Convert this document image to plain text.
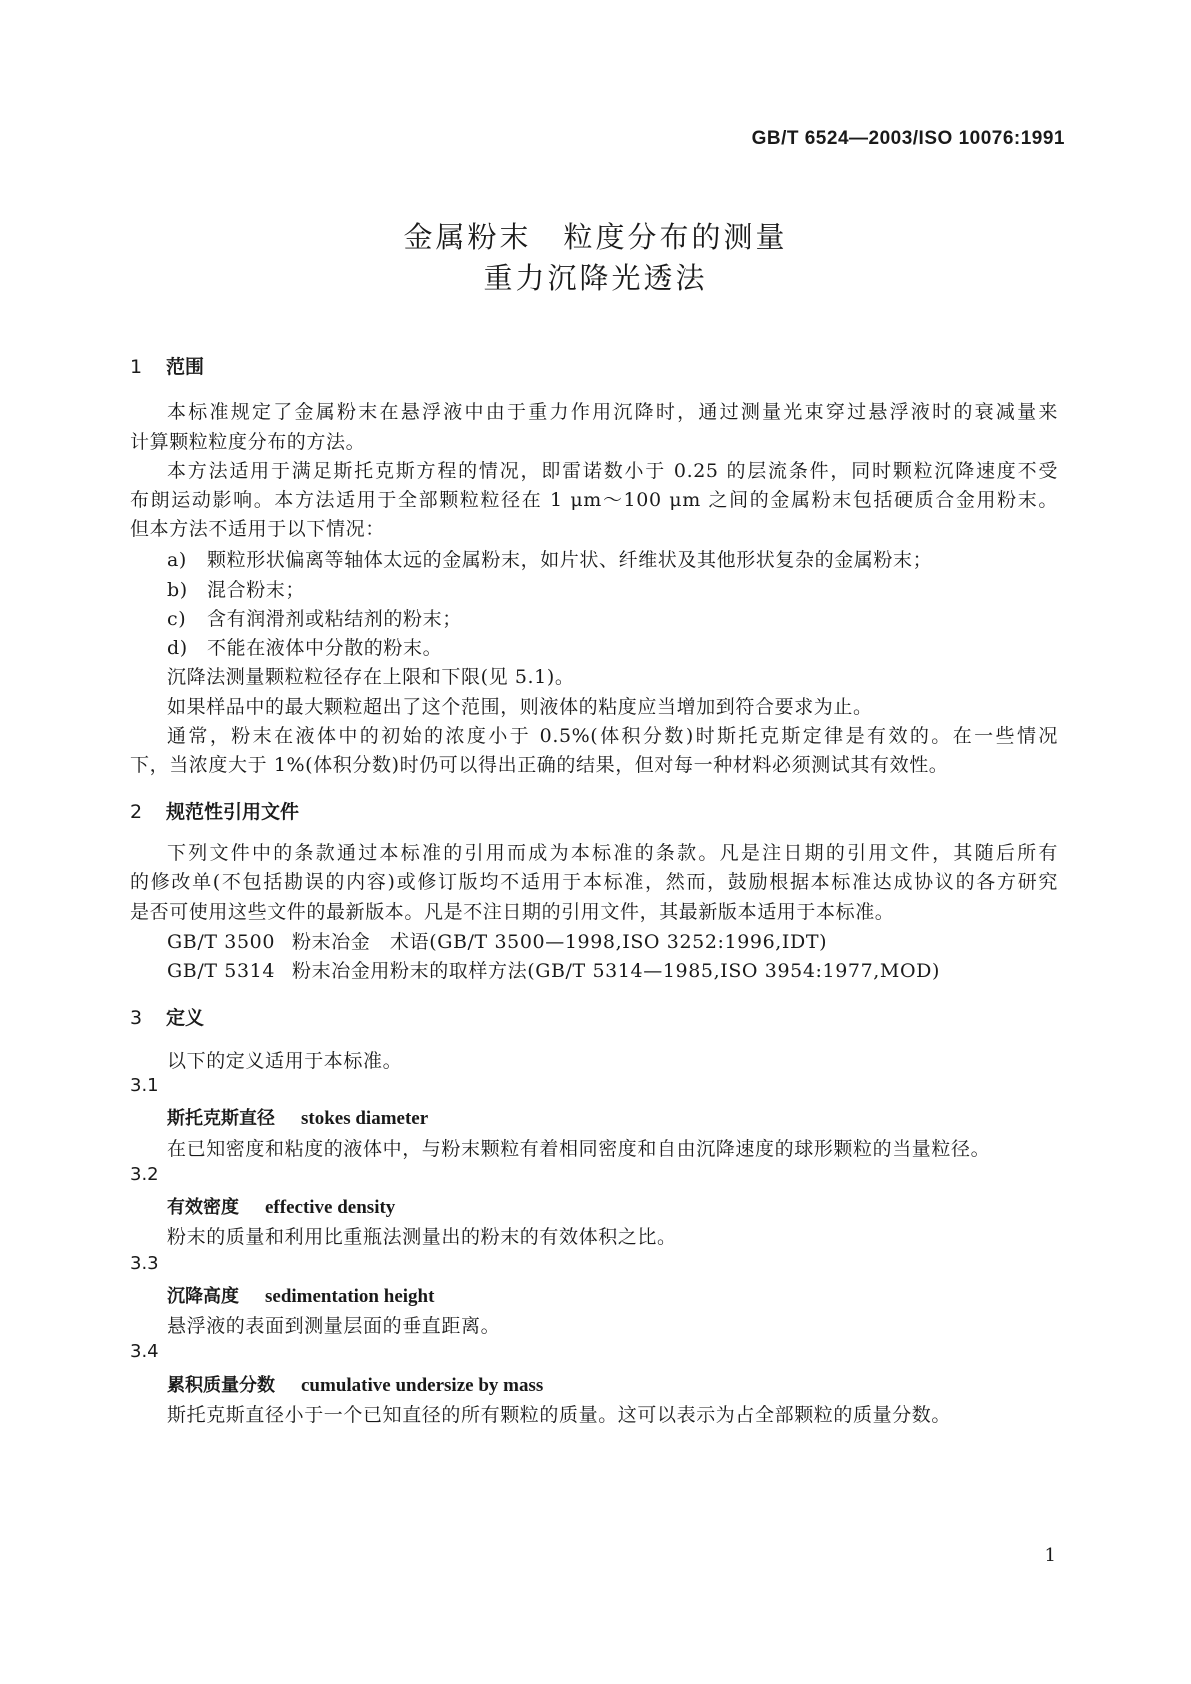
GB/T 6524—2003/ISO 10076:1991
金属粉末　粒度分布的测量
重力沉降光透法
1 范围
本标准规定了金属粉末在悬浮液中由于重力作用沉降时，通过测量光束穿过悬浮液时的衰减量来
计算颗粒粒度分布的方法。
本方法适用于满足斯托克斯方程的情况，即雷诺数小于 0.25 的层流条件，同时颗粒沉降速度不受
布朗运动影响。本方法适用于全部颗粒粒径在 1 μm～100 μm 之间的金属粉末包括硬质合金用粉末。
但本方法不适用于以下情况：
a) 颗粒形状偏离等轴体太远的金属粉末，如片状、纤维状及其他形状复杂的金属粉末；
b) 混合粉末；
c) 含有润滑剂或粘结剂的粉末；
d) 不能在液体中分散的粉末。
沉降法测量颗粒粒径存在上限和下限(见 5.1)。
如果样品中的最大颗粒超出了这个范围，则液体的粘度应当增加到符合要求为止。
通常，粉末在液体中的初始的浓度小于 0.5%(体积分数)时斯托克斯定律是有效的。在一些情况
下，当浓度大于 1%(体积分数)时仍可以得出正确的结果，但对每一种材料必须测试其有效性。
2 规范性引用文件
下列文件中的条款通过本标准的引用而成为本标准的条款。凡是注日期的引用文件，其随后所有
的修改单(不包括勘误的内容)或修订版均不适用于本标准，然而，鼓励根据本标准达成协议的各方研究
是否可使用这些文件的最新版本。凡是不注日期的引用文件，其最新版本适用于本标准。
GB/T 3500 粉末冶金　术语(GB/T 3500—1998,ISO 3252:1996,IDT)
GB/T 5314 粉末冶金用粉末的取样方法(GB/T 5314—1985,ISO 3954:1977,MOD)
3 定义
以下的定义适用于本标准。
3.1
斯托克斯直径 stokes diameter
在已知密度和粘度的液体中，与粉末颗粒有着相同密度和自由沉降速度的球形颗粒的当量粒径。
3.2
有效密度 effective density
粉末的质量和利用比重瓶法测量出的粉末的有效体积之比。
3.3
沉降高度 sedimentation height
悬浮液的表面到测量层面的垂直距离。
3.4
累积质量分数 cumulative undersize by mass
斯托克斯直径小于一个已知直径的所有颗粒的质量。这可以表示为占全部颗粒的质量分数。
1
